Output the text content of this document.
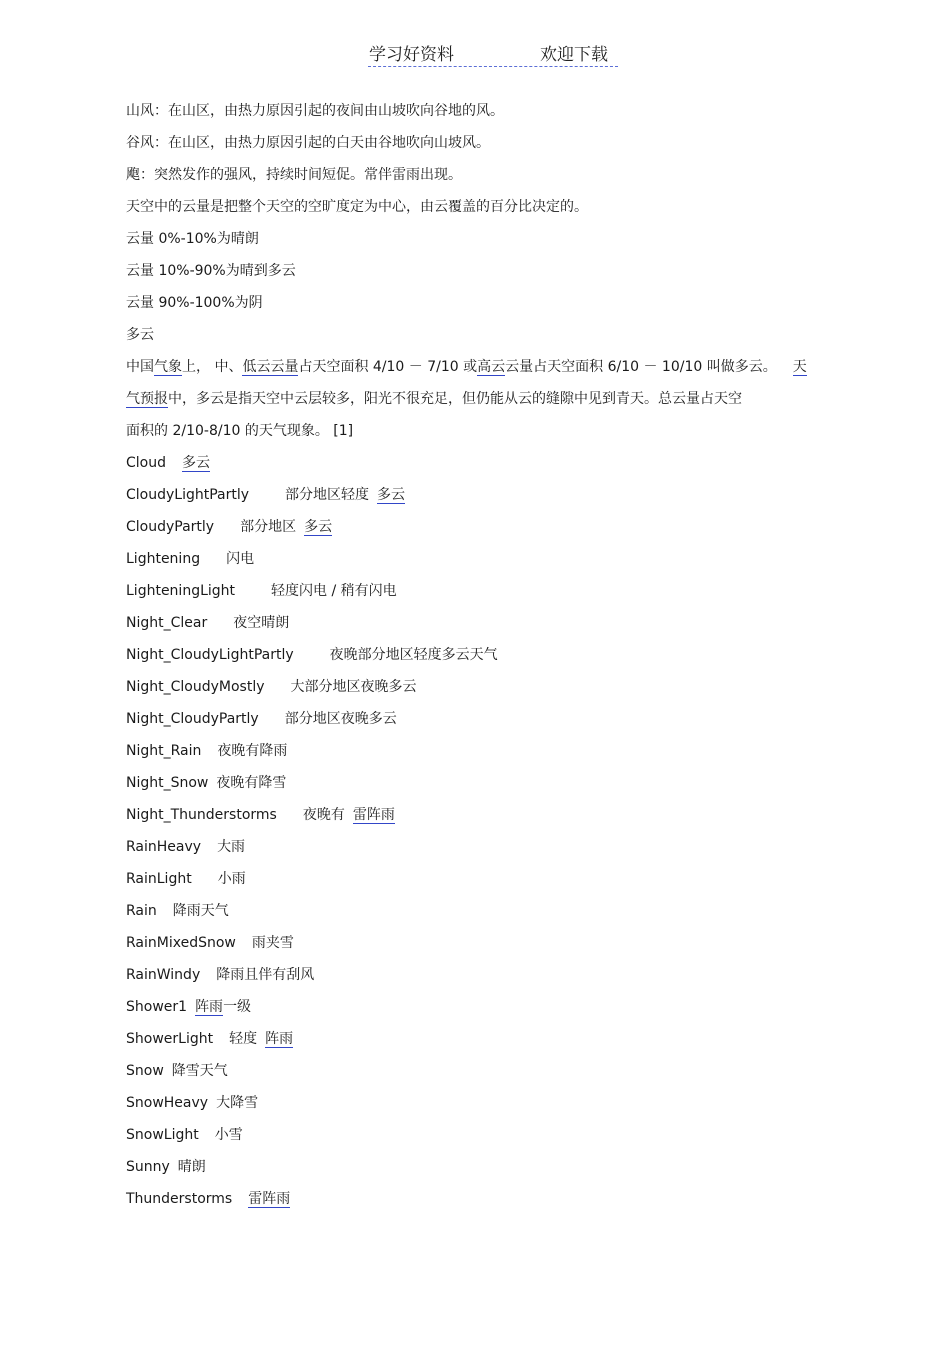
学习好资料	欢迎下载
山风：在山区，由热力原因引起的夜间由山坡吹向谷地的风。
谷风：在山区，由热力原因引起的白天由谷地吹向山坡风。
飑：突然发作的强风，持续时间短促。常伴雷雨出现。
天空中的云量是把整个天空的空旷度定为中心，由云覆盖的百分比决定的。
云量 0%-10%为晴朗
云量 10%-90%为晴到多云
云量 90%-100%为阴
多云
中国气象上， 中、低云云量占天空面积 4/10 － 7/10 或高云云量占天空面积 6/10 － 10/10 叫做多云。 天
气预报中，多云是指天空中云层较多，阳光不很充足，但仍能从云的缝隙中见到青天。总云量占天空
面积的 2/10-8/10 的天气现象。 [1]
Cloud 多云
CloudyLightPartly	部分地区轻度 多云
CloudyPartly 部分地区 多云
Lightening 闪电
LighteningLight	轻度闪电 / 稍有闪电
Night_Clear 夜空晴朗
Night_CloudyLightPartly	夜晚部分地区轻度多云天气
Night_CloudyMostly 大部分地区夜晚多云
Night_CloudyPartly 部分地区夜晚多云
Night_Rain 夜晚有降雨
Night_Snow 夜晚有降雪
Night_Thunderstorms 夜晚有 雷阵雨
RainHeavy 大雨
RainLight 小雨
Rain 降雨天气
RainMixedSnow 雨夹雪
RainWindy 降雨且伴有刮风
Shower1 阵雨一级
ShowerLight 轻度 阵雨
Snow 降雪天气
SnowHeavy 大降雪
SnowLight 小雪
Sunny 晴朗
Thunderstorms 雷阵雨
